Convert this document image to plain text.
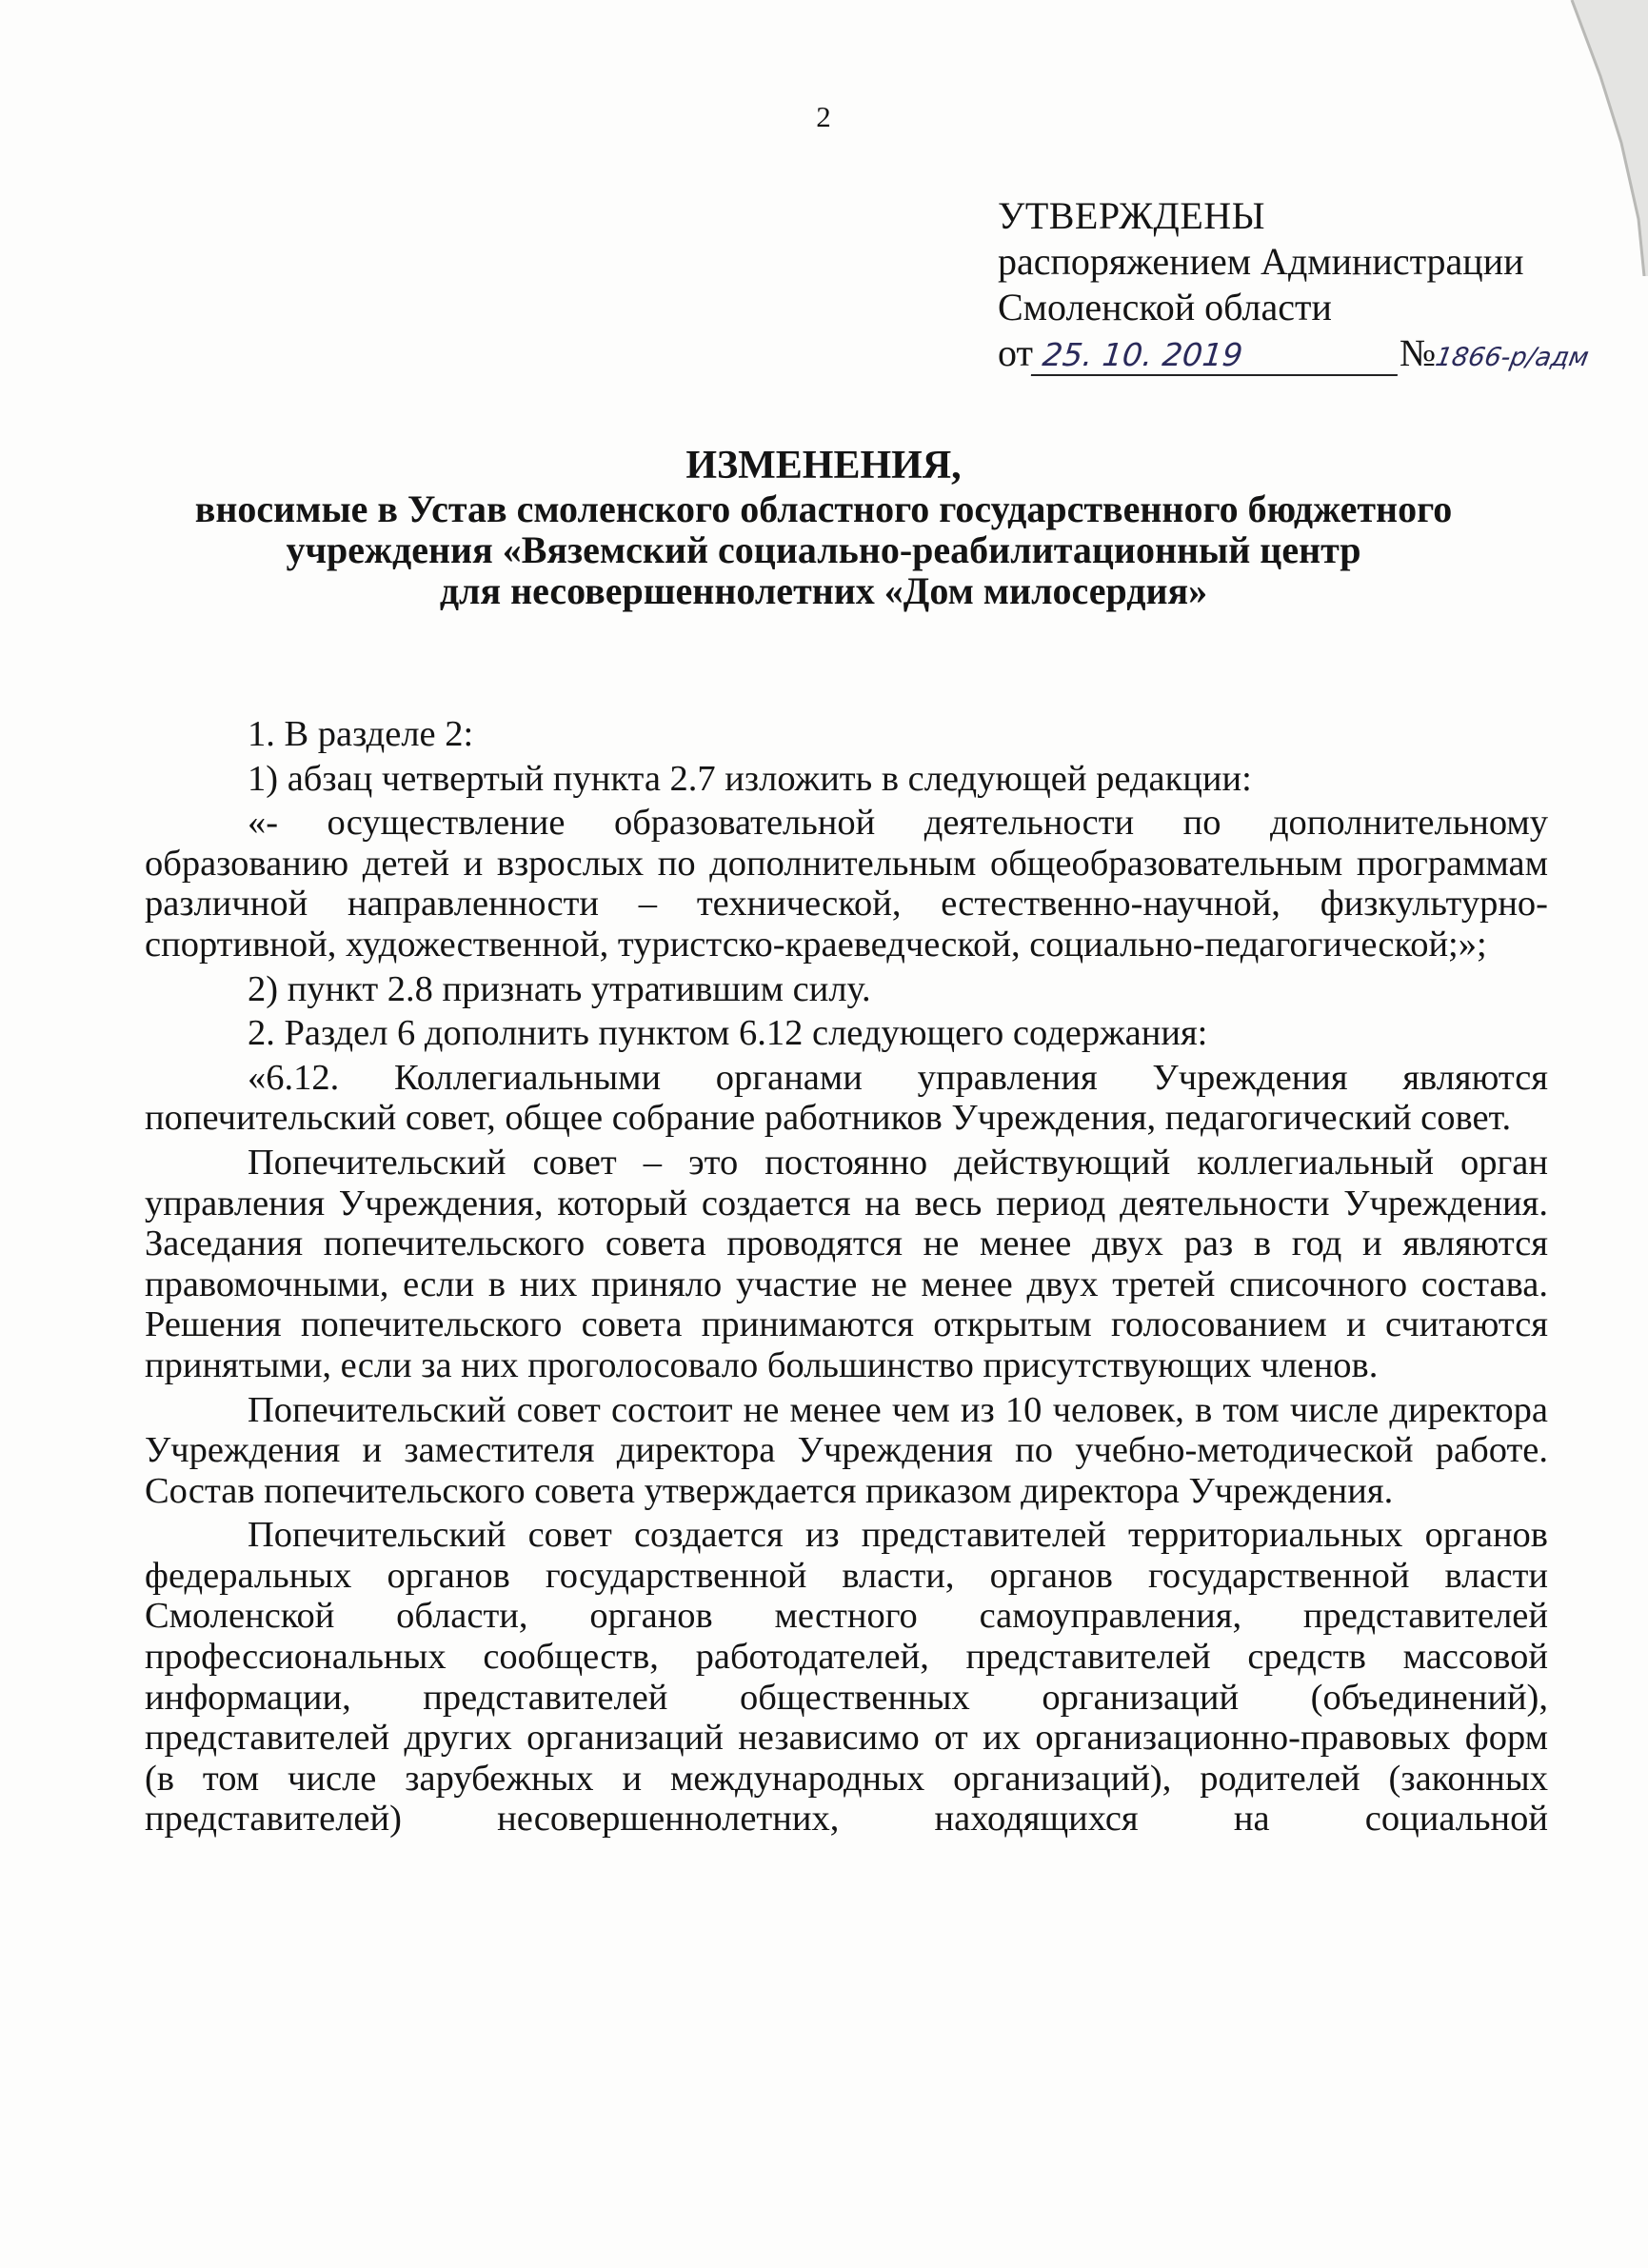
2
УТВЕРЖДЕНЫ
распоряжением Администрации
Смоленской области
от 25. 10. 2019	№1866-р/адм
ИЗМЕНЕНИЯ,
вносимые в Устав смоленского областного государственного бюджетного
учреждения «Вяземский социально-реабилитационный центр
для несовершеннолетних «Дом милосердия»

1. В разделе 2:

1) абзац четвертый пункта 2.7 изложить в следующей редакции:

«- осуществление образовательной деятельности по дополнительному образованию детей и взрослых по дополнительным общеобразовательным программам различной направленности – технической, естественно-научной, физкультурно-спортивной, художественной, туристско-краеведческой, социально-педагогической;»;

2) пункт 2.8 признать утратившим силу.

2. Раздел 6 дополнить пунктом 6.12 следующего содержания:

«6.12. Коллегиальными органами управления Учреждения являются попечительский совет, общее собрание работников Учреждения, педагогический совет.

Попечительский совет – это постоянно действующий коллегиальный орган управления Учреждения, который создается на весь период деятельности Учреждения. Заседания попечительского совета проводятся не менее двух раз в год и являются правомочными, если в них приняло участие не менее двух третей списочного состава. Решения попечительского совета принимаются открытым голосованием и считаются принятыми, если за них проголосовало большинство присутствующих членов.

Попечительский совет состоит не менее чем из 10 человек, в том числе директора Учреждения и заместителя директора Учреждения по учебно-методической работе. Состав попечительского совета утверждается приказом директора Учреждения.

Попечительский совет создается из представителей территориальных органов федеральных органов государственной власти, органов государственной власти Смоленской области, органов местного самоуправления, представителей профессиональных сообществ, работодателей, представителей средств массовой информации, представителей общественных организаций (объединений), представителей других организаций независимо от их организационно-правовых форм (в том числе зарубежных и международных организаций), родителей (законных представителей) несовершеннолетних, находящихся на социальной
